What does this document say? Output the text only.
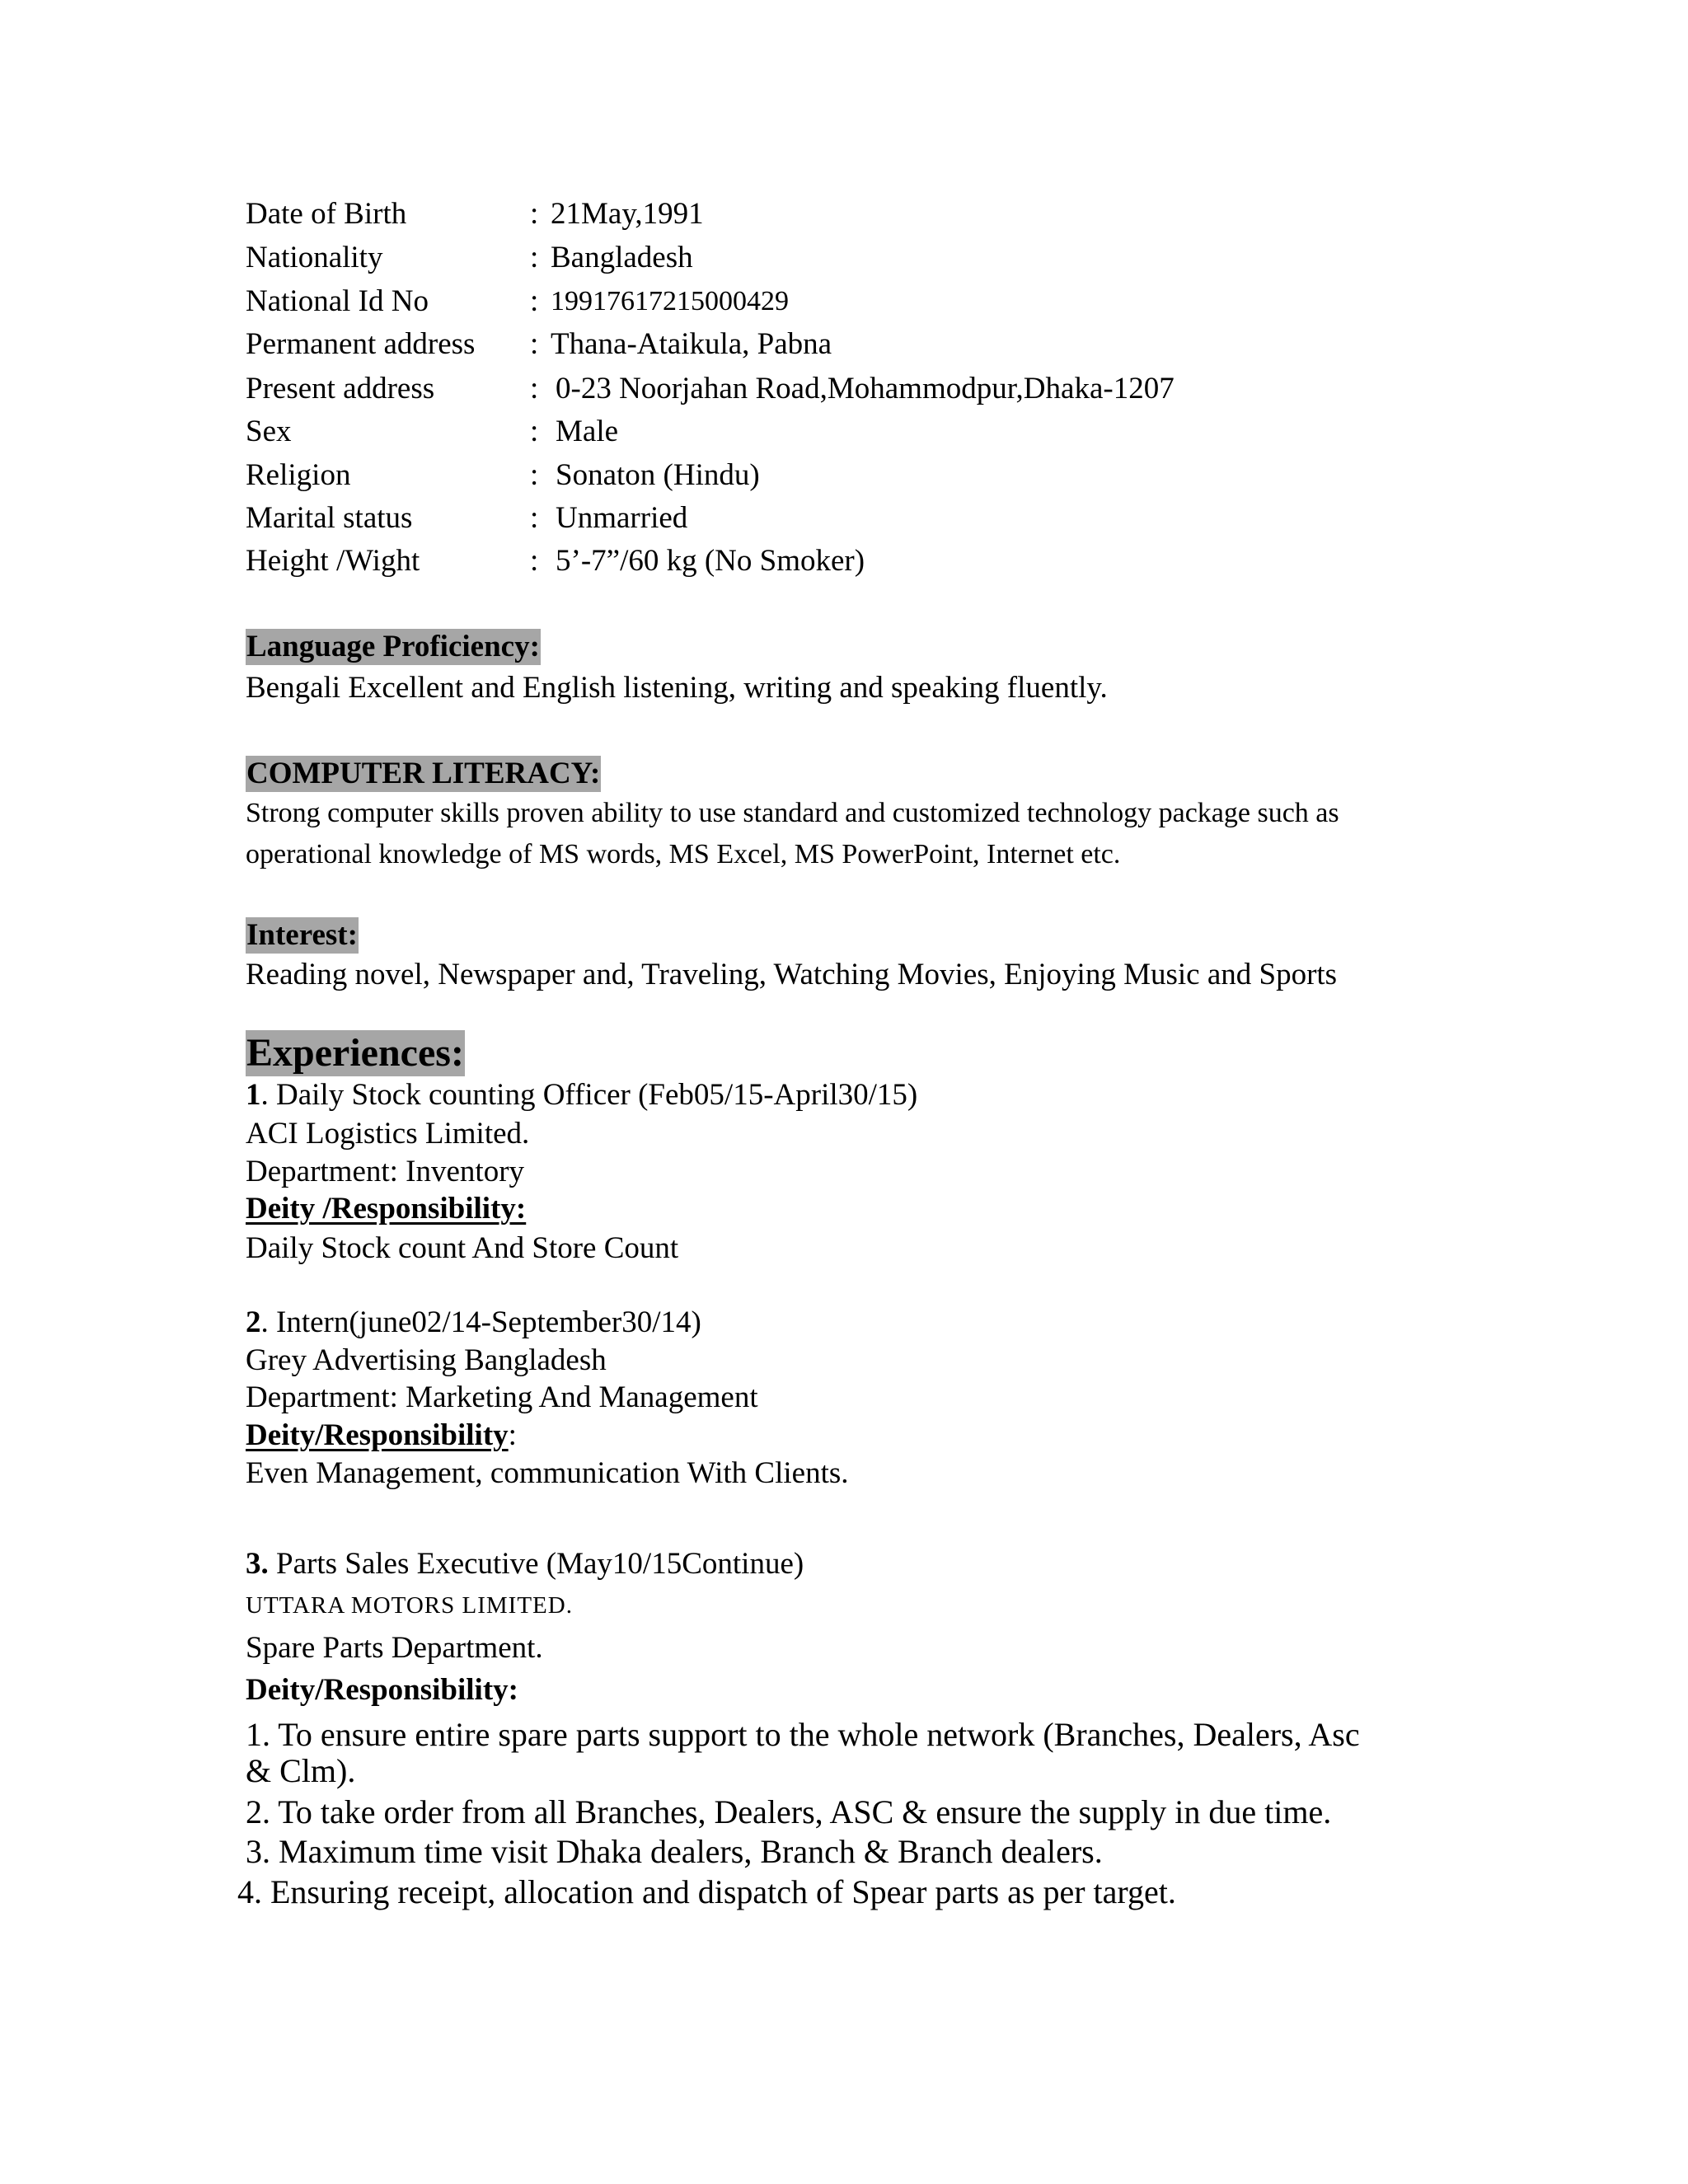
Date of Birth	: 21May,1991
Nationality	: Bangladesh
National Id No	: 19917617215000429
Permanent address : Thana-Ataikula, Pabna
Present address	: 0-23 Noorjahan Road,Mohammodpur,Dhaka-1207
Sex	: Male
Religion	: Sonaton (Hindu)
Marital status	: Unmarried
Height /Wight	: 5’-7”/60 kg (No Smoker)
Language Proficiency:
Bengali Excellent and English listening, writing and speaking fluently.
COMPUTER LITERACY:
Strong computer skills proven ability to use standard and customized technology package such as
operational knowledge of MS words, MS Excel, MS PowerPoint, Internet etc.
Interest:
Reading novel, Newspaper and, Traveling, Watching Movies, Enjoying Music and Sports
Experiences:
1. Daily Stock counting Officer (Feb05/15-April30/15)
ACI Logistics Limited.
Department: Inventory
Deity /Responsibility:
Daily Stock count And Store Count
2. Intern(june02/14-September30/14)
Grey Advertising Bangladesh
Department: Marketing And Management
Deity/Responsibility:
Even Management, communication With Clients.
3. Parts Sales Executive (May10/15Continue)
UTTARA MOTORS LIMITED.
Spare Parts Department.
Deity/Responsibility:
1. To ensure entire spare parts support to the whole network (Branches, Dealers, Asc
& Clm).
2. To take order from all Branches, Dealers, ASC & ensure the supply in due time.
3. Maximum time visit Dhaka dealers, Branch & Branch dealers.
4. Ensuring receipt, allocation and dispatch of Spear parts as per target.
